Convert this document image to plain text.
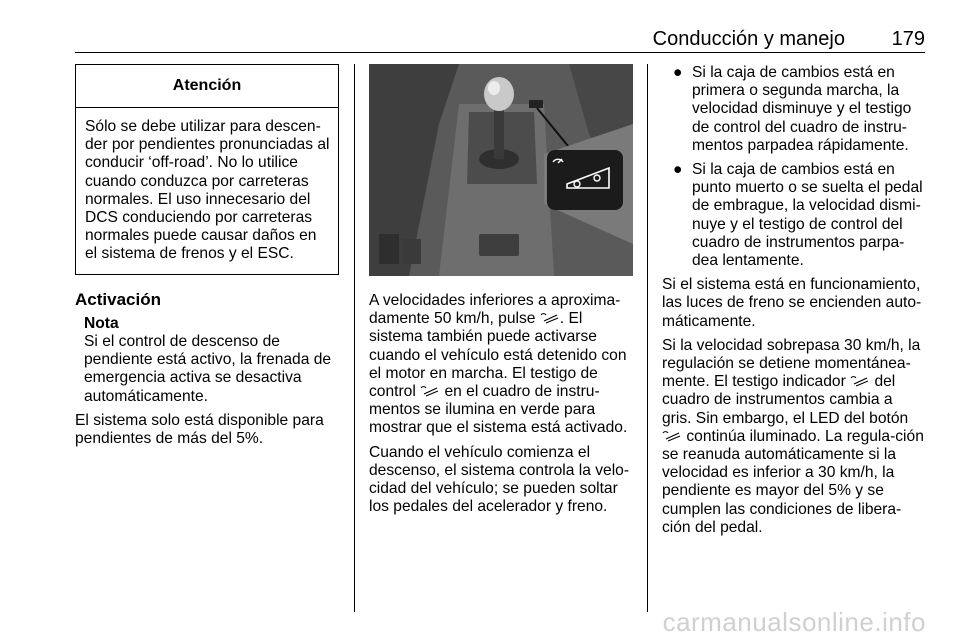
Conducción y manejo 179
Atención

Sólo se debe utilizar para descen-der por pendientes pronunciadas al conducir ‘off-road’. No lo utilice cuando conduzca por carreteras normales. El uso innecesario del DCS conduciendo por carreteras normales puede causar daños en el sistema de frenos y el ESC.

Activación
Nota
Si el control de descenso de pendiente está activo, la frenada de emergencia activa se desactiva automáticamente.

El sistema solo está disponible para pendientes de más del 5%.

A velocidades inferiores a aproxima-damente 50 km/h, pulse . El sistema también puede activarse cuando el vehículo está detenido con el motor en marcha. El testigo de control en el cuadro de instru-mentos se ilumina en verde para mostrar que el sistema está activado.

Cuando el vehículo comienza el descenso, el sistema controla la velo-cidad del vehículo; se pueden soltar los pedales del acelerador y freno.

● Si la caja de cambios está en primera o segunda marcha, la velocidad disminuye y el testigo de control del cuadro de instru-mentos parpadea rápidamente.
● Si la caja de cambios está en punto muerto o se suelta el pedal de embrague, la velocidad dismi-nuye y el testigo de control del cuadro de instrumentos parpa-dea lentamente.

Si el sistema está en funcionamiento, las luces de freno se encienden auto-máticamente.

Si la velocidad sobrepasa 30 km/h, la regulación se detiene momentánea-mente. El testigo indicador del cuadro de instrumentos cambia a gris. Sin embargo, el LED del botón  continúa iluminado. La regula-ción se reanuda automáticamente si la velocidad es inferior a 30 km/h, la pendiente es mayor del 5% y se cumplen las condiciones de libera-ción del pedal.

carmanualsonline.info
